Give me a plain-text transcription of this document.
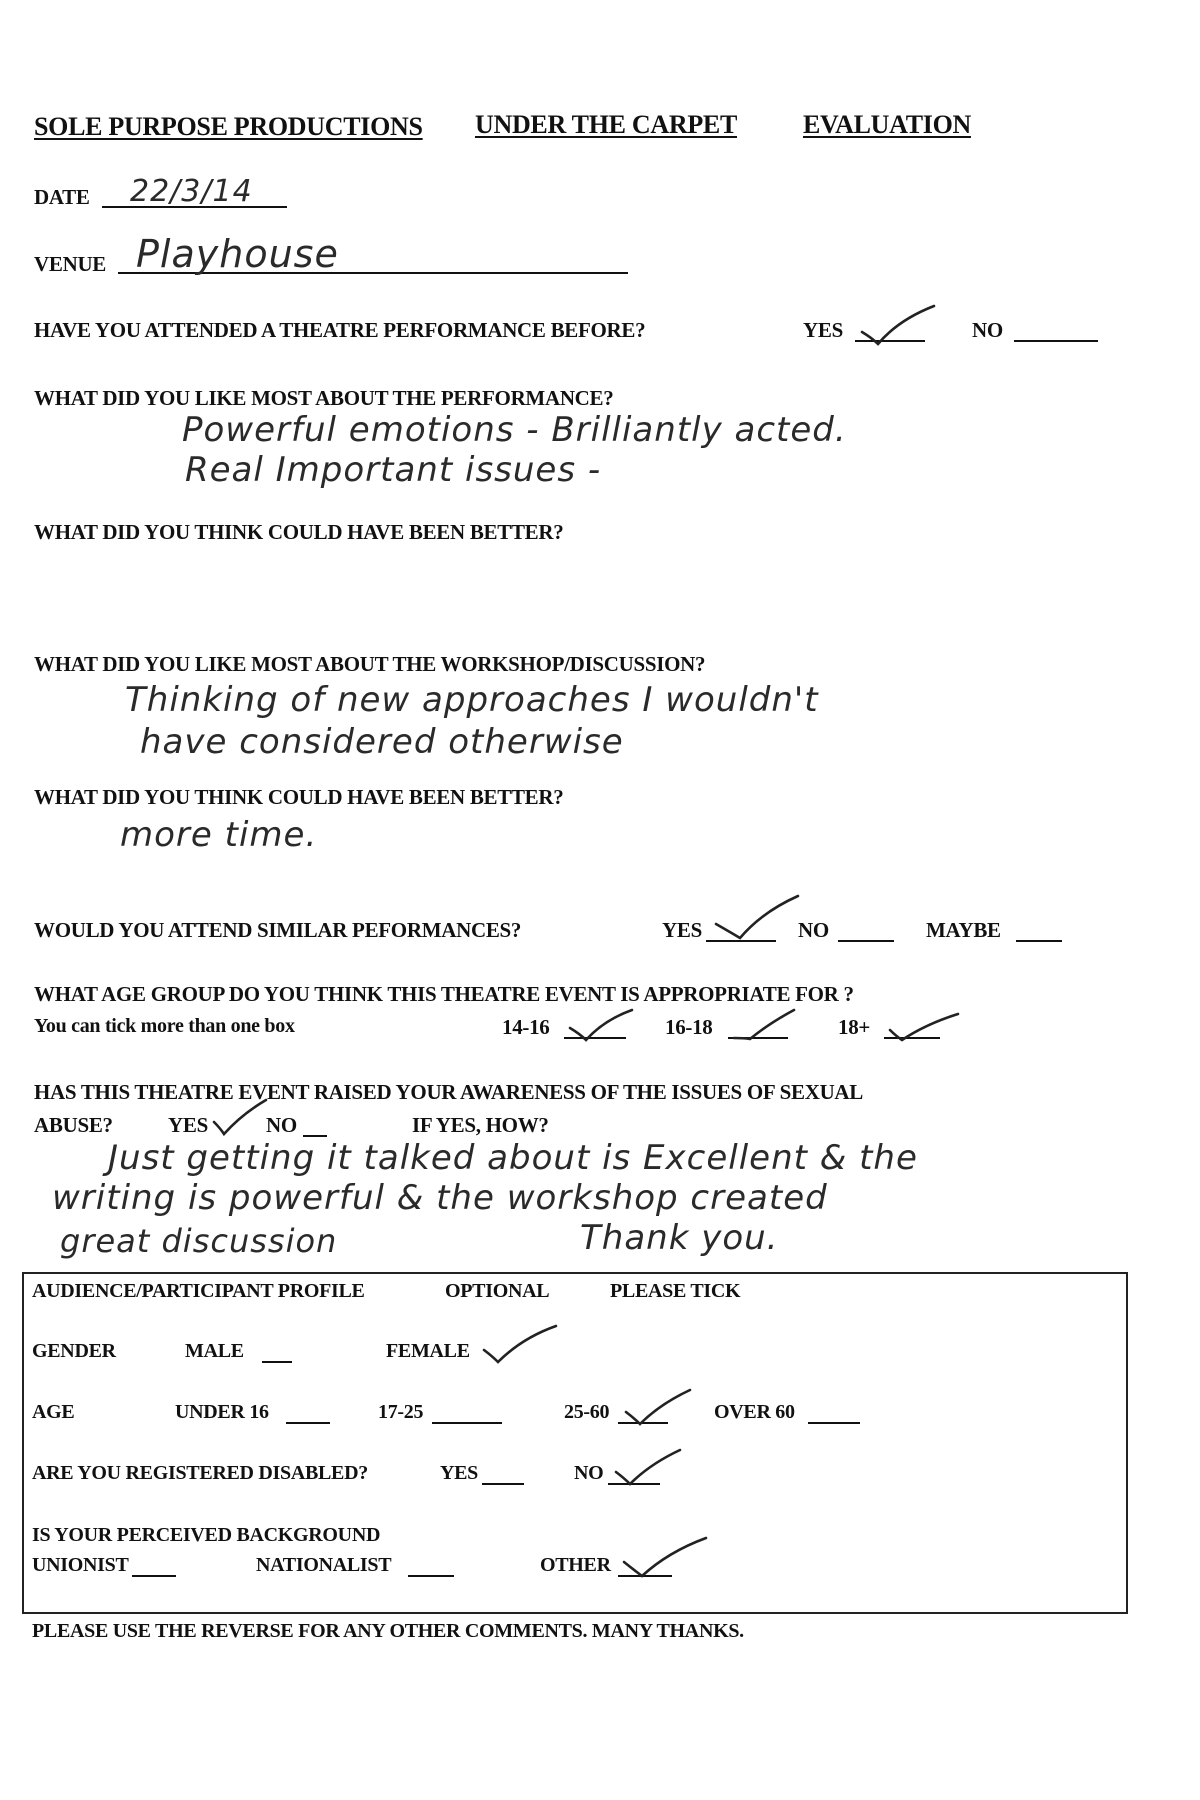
SOLE PURPOSE PRODUCTIONS UNDER THE CARPET	EVALUATION
DATE 22/3/14
VENUE Playhouse
HAVE YOU ATTENDED A THEATRE PERFORMANCE BEFORE?	YES	NO
WHAT DID YOU LIKE MOST ABOUT THE PERFORMANCE?
Powerful emotions - Brilliantly acted.
Real Important issues -
WHAT DID YOU THINK COULD HAVE BEEN BETTER?
WHAT DID YOU LIKE MOST ABOUT THE WORKSHOP/DISCUSSION?
Thinking of new approaches I wouldn't
have considered otherwise
WHAT DID YOU THINK COULD HAVE BEEN BETTER?
more time.
WOULD YOU ATTEND SIMILAR PEFORMANCES?	YES	NO	MAYBE
WHAT AGE GROUP DO YOU THINK THIS THEATRE EVENT IS APPROPRIATE FOR ?
You can tick more than one box	14-16	16-18	18+
HAS THIS THEATRE EVENT RAISED YOUR AWARENESS OF THE ISSUES OF SEXUAL
ABUSE?	YES	NO	IF YES, HOW?
Just getting it talked about is Excellent & the
writing is powerful & the workshop created
great discussion	Thank you.
AUDIENCE/PARTICIPANT PROFILE	OPTIONAL	PLEASE TICK
GENDER	MALE	FEMALE
AGE	UNDER 16	17-25	25-60	OVER 60
ARE YOU REGISTERED DISABLED?	YES	NO
IS YOUR PERCEIVED BACKGROUND
UNIONIST	NATIONALIST	OTHER
PLEASE USE THE REVERSE FOR ANY OTHER COMMENTS. MANY THANKS.
